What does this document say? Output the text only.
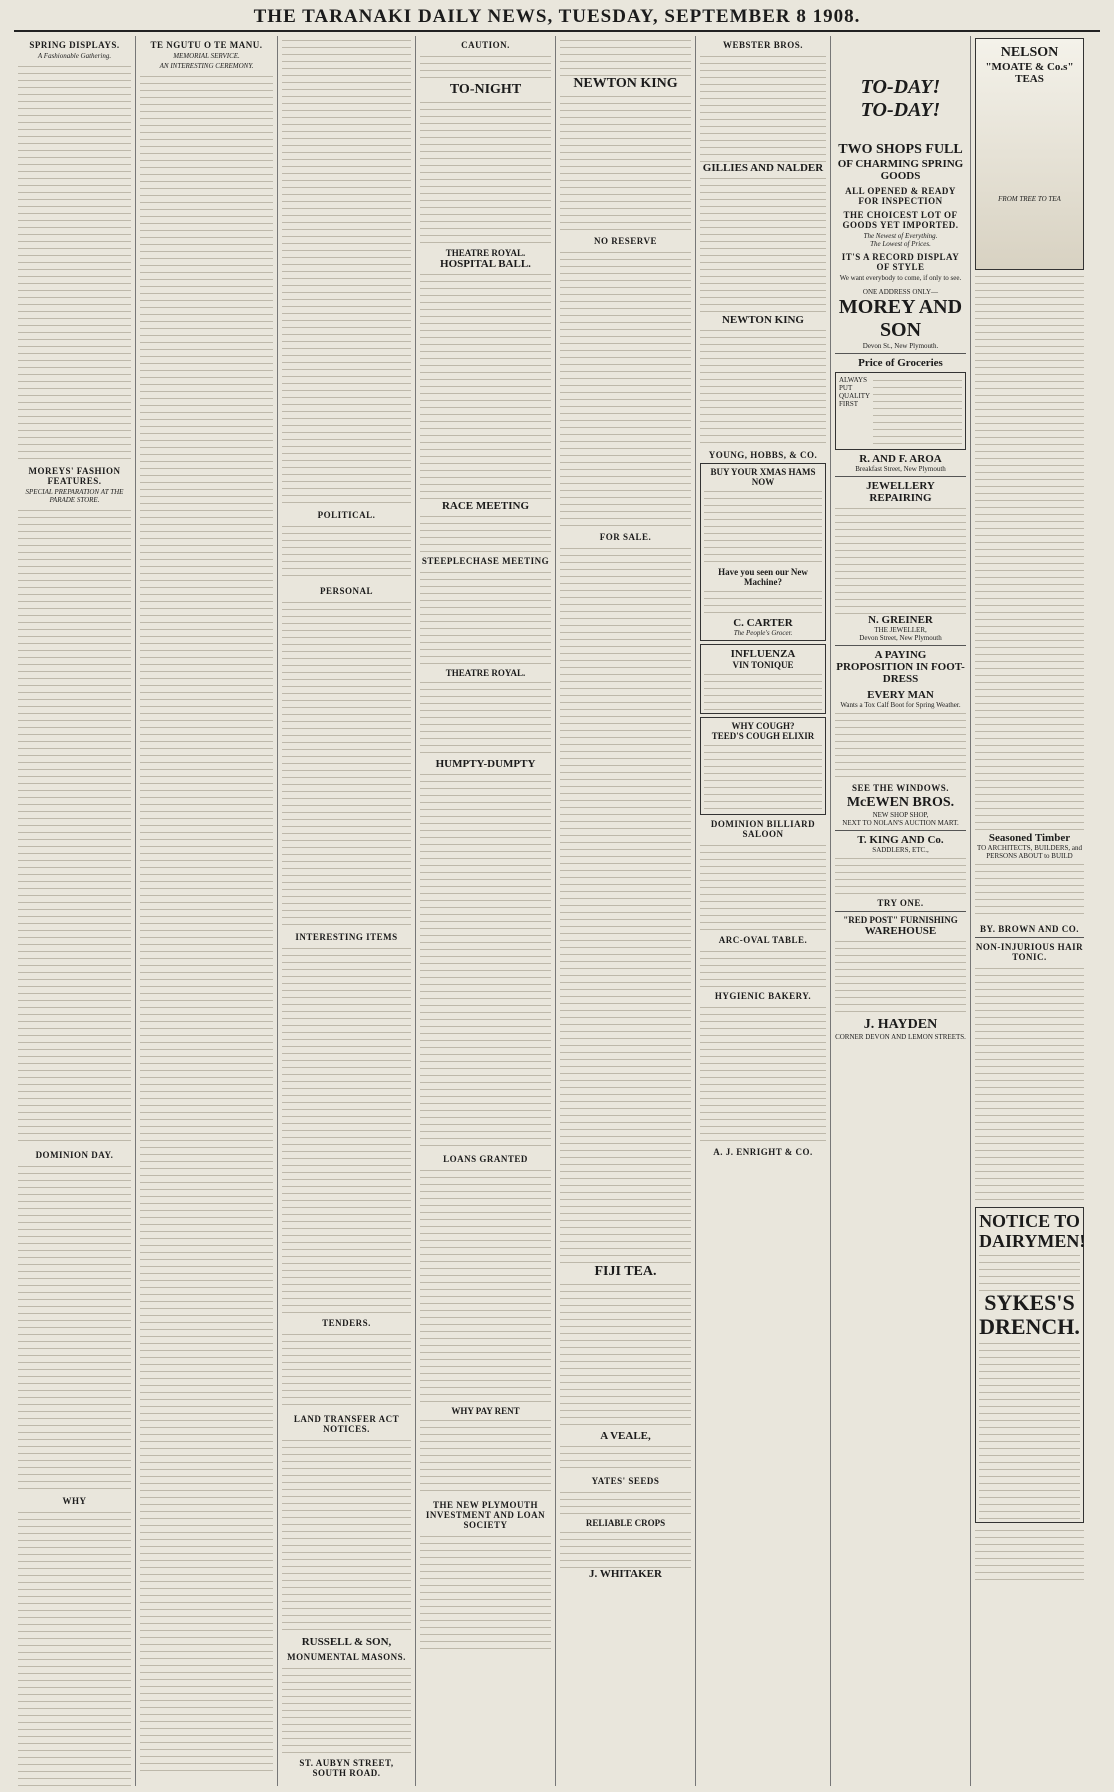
THE TARANAKI DAILY NEWS, TUESDAY, SEPTEMBER 8 1908.
SPRING DISPLAYS.
A Fashionable Gathering.
MOREYS' FASHION FEATURES.
SPECIAL PREPARATION AT THE PARADE STORE.
DOMINION DAY.
WHY
TE NGUTU O TE MANU.
MEMORIAL SERVICE.
AN INTERESTING CEREMONY.
POLITICAL.
PERSONAL
INTERESTING ITEMS
TENDERS.
LAND TRANSFER ACT NOTICES.
RUSSELL & SON,
MONUMENTAL MASONS.
ST. AUBYN STREET, SOUTH ROAD.
CAUTION.
TO-NIGHT
THEATRE ROYAL.
HOSPITAL BALL.
RACE MEETING
STEEPLECHASE MEETING
THEATRE ROYAL.
HUMPTY-DUMPTY
LOANS GRANTED
WHY PAY RENT
THE NEW PLYMOUTH INVESTMENT AND LOAN SOCIETY
NEWTON KING
NO RESERVE
FOR SALE.
FIJI TEA.
A VEALE,
YATES' SEEDS
RELIABLE CROPS
J. WHITAKER
WEBSTER BROS.
GILLIES AND NALDER
NEWTON KING
YOUNG, HOBBS, & CO.
BUY YOUR XMAS HAMS NOW
Have you seen our New Machine?
C. CARTER
The People's Grocer.
INFLUENZA
VIN TONIQUE
WHY COUGH?
TEED'S COUGH ELIXIR
DOMINION BILLIARD SALOON
ARC-OVAL TABLE.
HYGIENIC BAKERY.
A. J. ENRIGHT & CO.
TO-DAY!
TO-DAY!
TWO SHOPS FULL
OF CHARMING SPRING GOODS
ALL OPENED & READY FOR INSPECTION
THE CHOICEST LOT OF GOODS YET IMPORTED.
The Newest of Everything.
The Lowest of Prices.
IT'S A RECORD DISPLAY OF STYLE
We want everybody to come, if only to see.
ONE ADDRESS ONLY—
MOREY AND SON
Devon St., New Plymouth.
Price of Groceries
ALWAYS PUT QUALITY FIRST
R. AND F. AROA
Breakfast Street, New Plymouth
JEWELLERY REPAIRING
N. GREINER
THE JEWELLER,
Devon Street, New Plymouth
A PAYING PROPOSITION IN FOOT-DRESS
EVERY MAN
Wants a Tox Calf Boot for Spring Weather.
SEE THE WINDOWS.
McEWEN BROS.
NEW SHOP SHOP,
NEXT TO NOLAN'S AUCTION MART.
T. KING AND Co.
SADDLERS, ETC.,
TRY ONE.
"RED POST" FURNISHING
WAREHOUSE
J. HAYDEN
CORNER DEVON AND LEMON STREETS.
NELSON
"MOATE & Co.s" TEAS
FROM TREE TO TEA
Seasoned Timber
TO ARCHITECTS, BUILDERS, and PERSONS ABOUT to BUILD
BY. BROWN AND CO.
NON-INJURIOUS HAIR TONIC.
NOTICE TO DAIRYMEN!
SYKES'S DRENCH.
